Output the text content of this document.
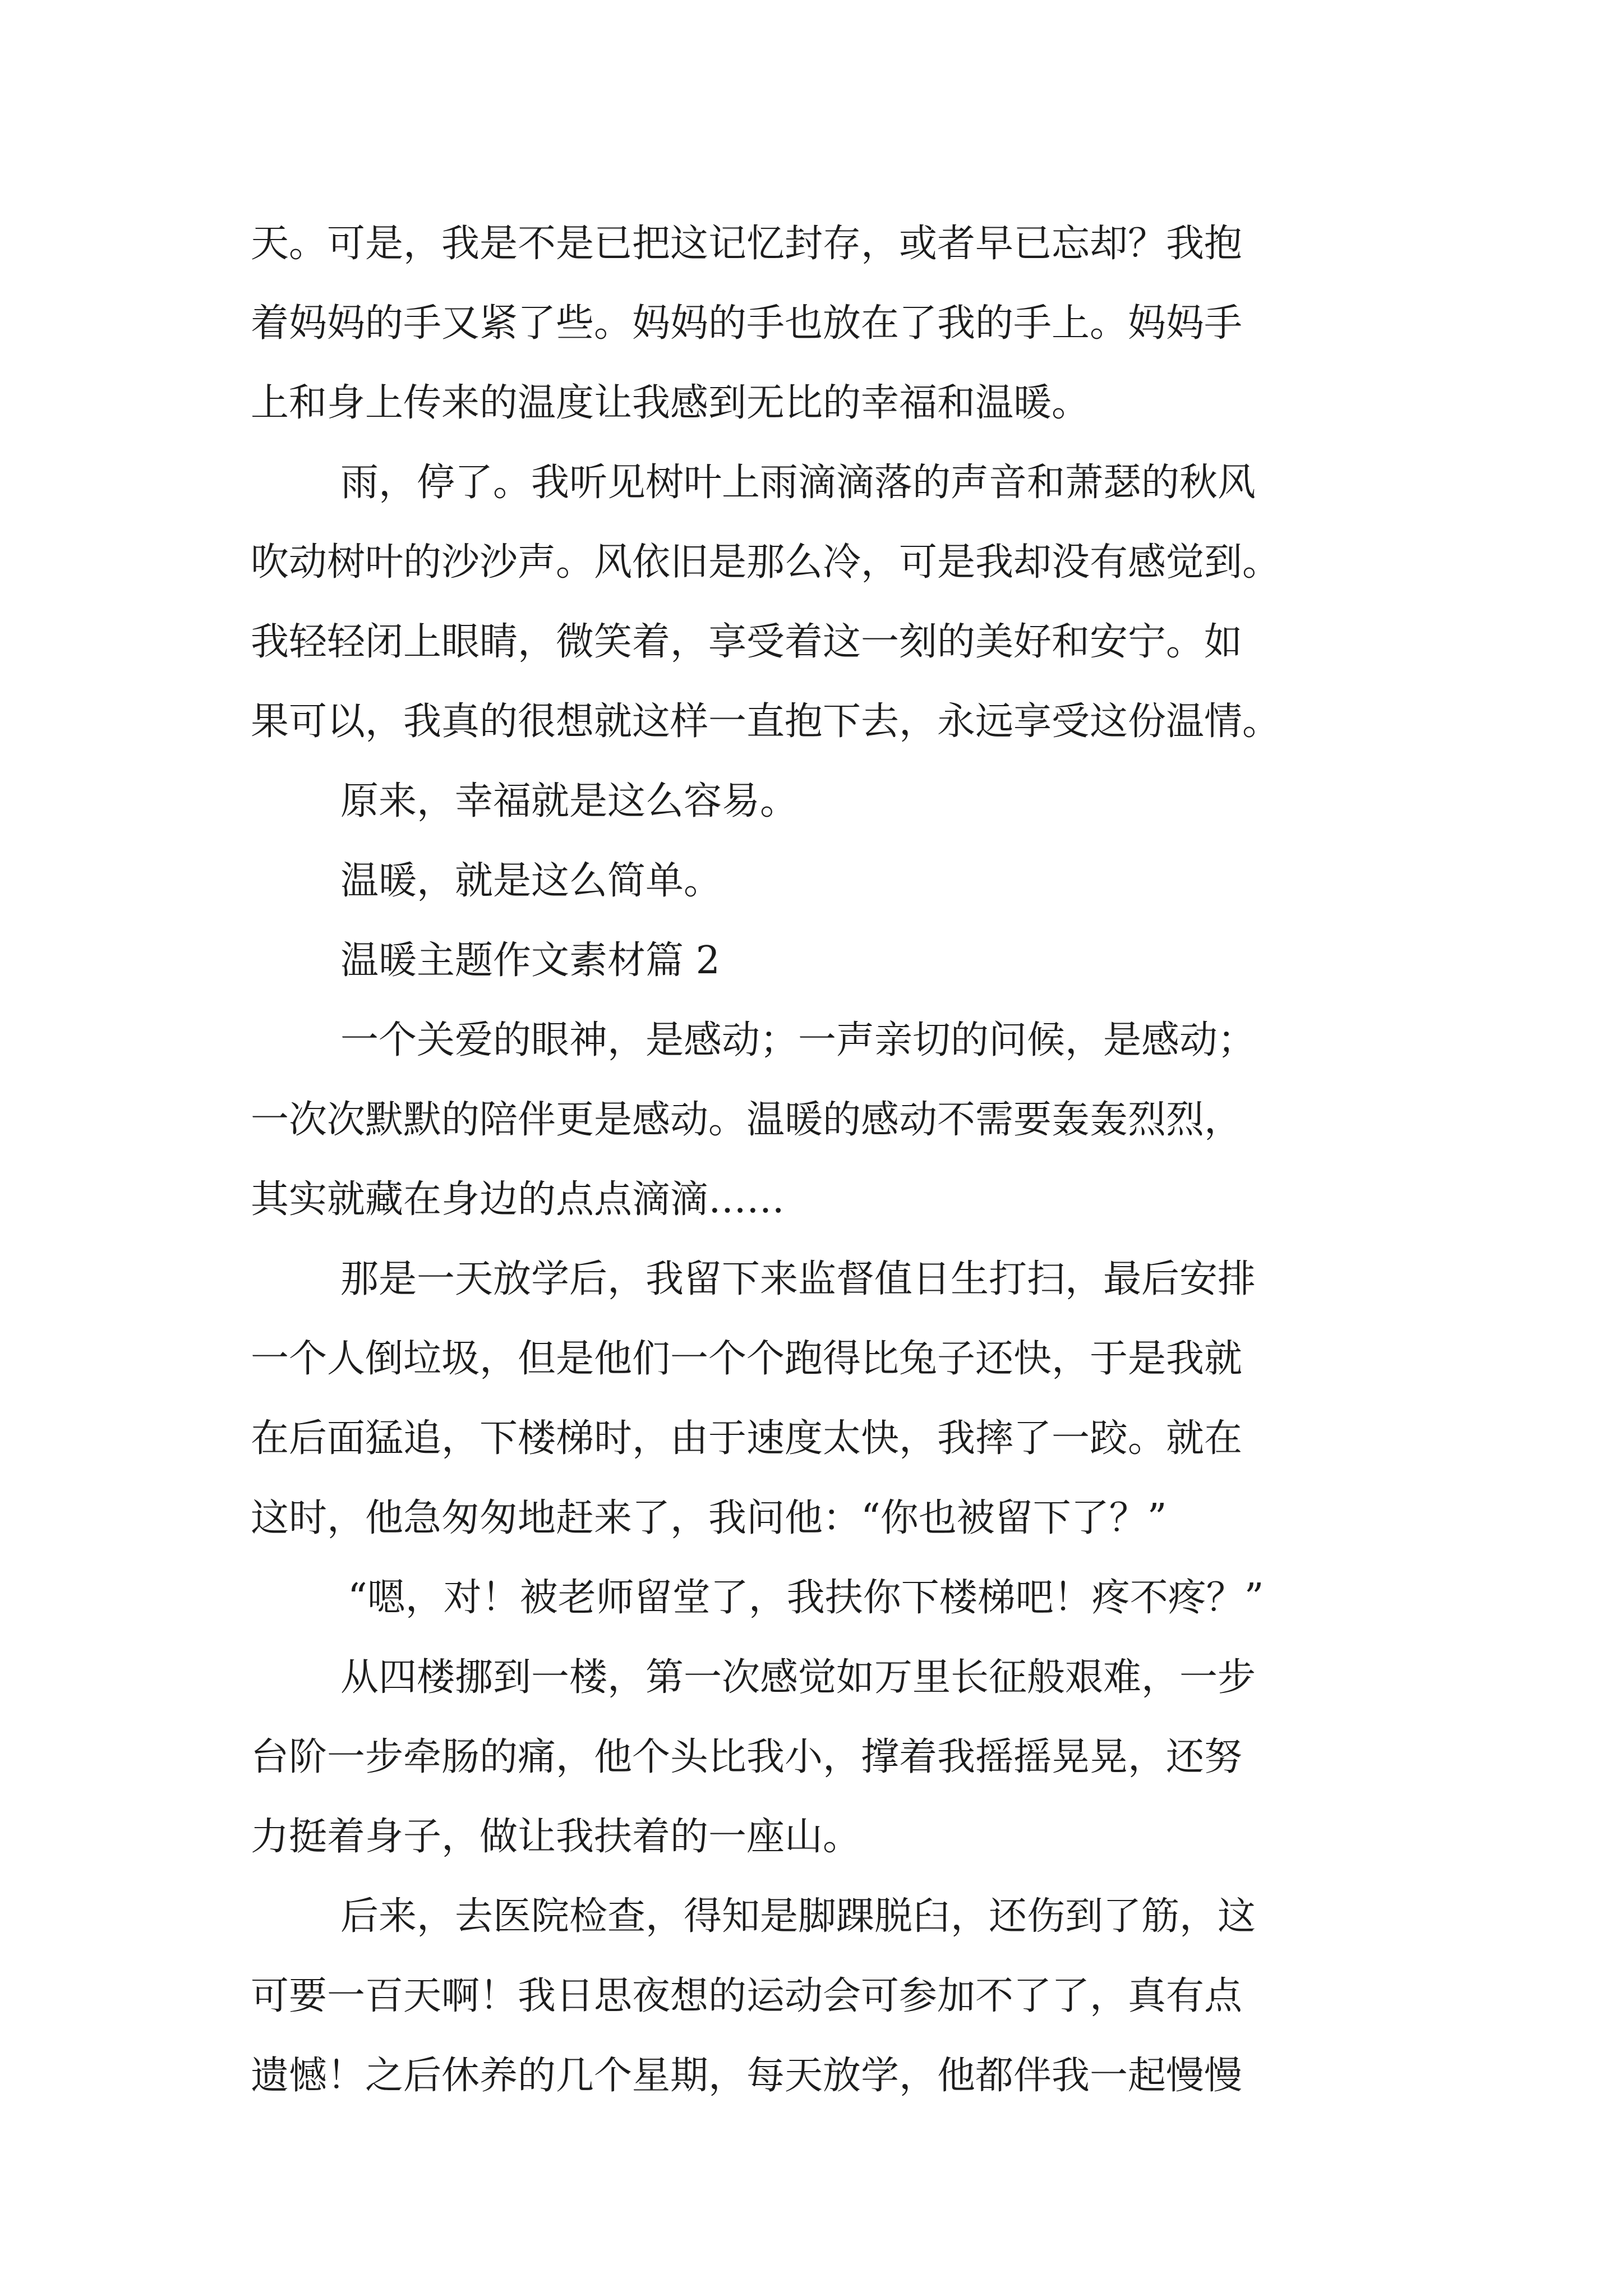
天。可是，我是不是已把这记忆封存，或者早已忘却？我抱
着妈妈的手又紧了些。妈妈的手也放在了我的手上。妈妈手
上和身上传来的温度让我感到无比的幸福和温暖。
雨，停了。我听见树叶上雨滴滴落的声音和萧瑟的秋风
吹动树叶的沙沙声。风依旧是那么冷，可是我却没有感觉到。
我轻轻闭上眼睛，微笑着，享受着这一刻的美好和安宁。如
果可以，我真的很想就这样一直抱下去，永远享受这份温情。
原来，幸福就是这么容易。
温暖，就是这么简单。
温暖主题作文素材篇 2
一个关爱的眼神，是感动；一声亲切的问候，是感动；
一次次默默的陪伴更是感动。温暖的感动不需要轰轰烈烈，
其实就藏在身边的点点滴滴……
那是一天放学后，我留下来监督值日生打扫，最后安排
一个人倒垃圾，但是他们一个个跑得比兔子还快，于是我就
在后面猛追，下楼梯时，由于速度太快，我摔了一跤。就在
这时，他急匆匆地赶来了，我问他：“你也被留下了？”
“嗯，对！被老师留堂了，我扶你下楼梯吧！疼不疼？”
从四楼挪到一楼，第一次感觉如万里长征般艰难，一步
台阶一步牵肠的痛，他个头比我小，撑着我摇摇晃晃，还努
力挺着身子，做让我扶着的一座山。
后来，去医院检查，得知是脚踝脱臼，还伤到了筋，这
可要一百天啊！我日思夜想的运动会可参加不了了，真有点
遗憾！之后休养的几个星期，每天放学，他都伴我一起慢慢
